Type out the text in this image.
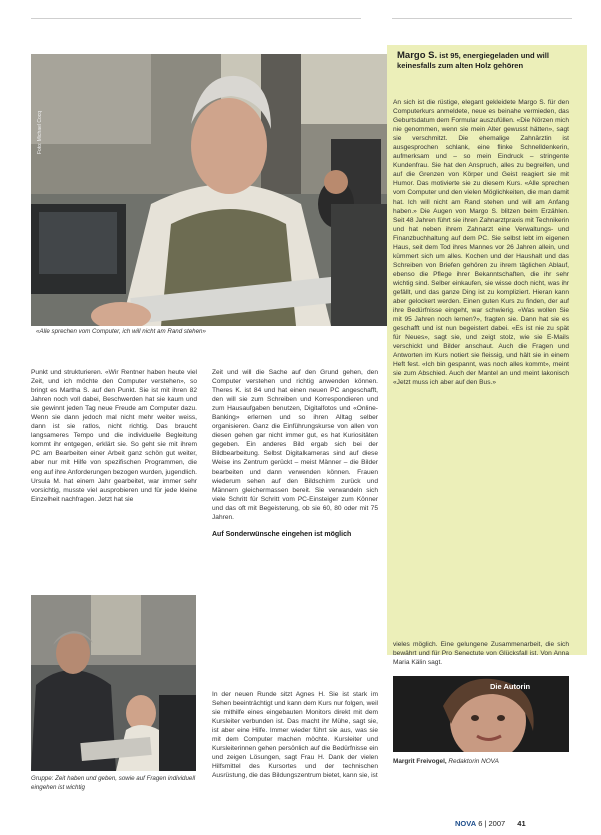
Foto: Michael Cocq
«Alle sprechen vom Computer, ich will nicht am Rand stehen»

Punkt und strukturieren. «Wir Rentner haben heute viel Zeit, und ich möchte den Computer verstehen», so bringt es Martha S. auf den Punkt. Sie ist mit ihren 82 Jahren noch voll dabei, Beschwerden hat sie kaum und sie gewinnt jeden Tag neue Freude am Computer dazu. Wenn sie dann jedoch mal nicht mehr weiter weiss, dann ist sie ratlos, nicht richtig. Das braucht langsameres Tempo und die individuelle Begleitung kommt ihr entgegen, erklärt sie. So geht sie mit ihrem PC am Bearbeiten einer Arbeit ganz schön gut weiter, aber nur mit Hilfe von spezifischen Programmen, die eng auf ihre Anforderungen bezogen wurden, jugendlich. Ursula M. hat einem Jahr gearbeitet, war immer sehr vorsichtig, musste viel ausprobieren und für jede kleine Einzelheit nachfragen. Jetzt hat sie

Zeit und will die Sache auf den Grund gehen, den Computer verstehen und richtig anwenden können. Theres K. ist 84 und hat einen neuen PC angeschafft, den will sie zum Schreiben und Korrespondieren und zum Hausaufgaben benutzen, Digitalfotos und «Online-Banking» erlernen und so ihren Alltag selber organisieren. Ganz die Einführungskurse von allen von diesen gehen gar nicht immer gut, es hat Kuriositäten gegeben. Ein anderes Bild ergab sich bei der Bildbearbeitung. Selbst Digitalkameras sind auf diese Weise ins Zentrum gerückt – meist Männer – die Bilder bearbeiten und dann verwenden können. Frauen wiederum sehen auf den Bildschirm zurück und Männern gleichermassen bereit. Sie verwandeln sich viele Schritt für Schritt vom PC-Einsteiger zum Könner und das oft mit Begeisterung, ob sie 60, 80 oder mit 75 Jahren.

Auf Sonderwünsche eingehen ist möglich

In der neuen Runde sitzt Agnes H. Sie ist stark im Sehen beeinträchtigt und kann dem Kurs nur folgen, weil sie mithilfe eines eingebauten Monitors direkt mit dem Kursleiter verbunden ist. Das macht ihr Mühe, sagt sie, ist aber eine Hilfe. Immer wieder führt sie aus, was sie mit dem Computer machen möchte. Kursleiter und Kursleiterinnen gehen persönlich auf die Bedürfnisse ein und zeigen Lösungen, sagt Frau H. Dank der vielen Hilfsmittel des Kursortes und der technischen Ausrüstung, die das Bildungszentrum bietet, kann sie, ist

Gruppe: Zeit haben und geben, sowie auf Fragen individuell eingehen ist wichtig
Margo S. ist 95, energiegeladen und will keinesfalls zum alten Holz gehören

An sich ist die rüstige, elegant gekleidete Margo S. für den Computerkurs anmeldete, neue es beinahe vermieden, das Geburtsdatum dem Formular auszufüllen. «Die Nörzen mich nie genommen, wenn sie mein Alter gewusst hätten», sagt sie verschmitzt. Die ehemalige Zahnärztin ist ausgesprochen schlank, eine flinke Schnelldenkerin, aufmerksam und – so mein Eindruck – stringente Kundenfrau. Sie hat den Anspruch, alles zu begreifen, und auf die Grenzen von Körper und Geist reagiert sie mit Humor. Das motivierte sie zu diesem Kurs. «Alle sprechen vom Computer und den vielen Möglichkeiten, die man damit hat. Ich will nicht am Rand stehen und will am Anfang haben.» Die Augen von Margo S. blitzen beim Erzählen. Seit 48 Jahren führt sie ihren Zahnarztpraxis mit Technikerin und hat neben ihrem Zahnarzt eine Verwaltungs- und Finanzbuchhaltung auf dem PC. Sie selbst lebt im eigenen Haus, seit dem Tod ihres Mannes vor 26 Jahren allein, und kümmert sich um alles. Kochen und der Haushalt und das Schreiben von Briefen gehören zu ihrem täglichen Ablauf, ebenso die Pflege ihrer Bekanntschaften, die ihr sehr wichtig sind. Selber einkaufen, sie wisse doch nicht, was ihr gefällt, und das ganze Ding ist zu kompliziert. Hieran kann aber gelockert werden. Einen guten Kurs zu finden, der auf ihre Bedürfnisse eingeht, war schwierig. «Was wollen Sie mit 95 Jahren noch lernen?», fragten sie. Dann hat sie es geschafft und ist nun begeistert dabei. «Es ist nie zu spät für Neues», sagt sie, und zeigt stolz, wie sie E-Mails verschickt und Bilder anschaut. Auch die Fragen und Antworten im Kurs notiert sie fleissig, und hält sie in einem Heft fest. «Ich bin gespannt, was noch alles kommt», meint sie zum Abschied. Auch der Mantel an und meint lakonisch «Jetzt muss ich aber auf den Bus.»

vieles möglich. Eine gelungene Zusammenarbeit, die sich bewährt und für Pro Senectute von Glücksfall ist. Von Anna Maria Kälin sagt.

Die Autorin
Margrit Freivogel, Redaktorin NOVA
NOVA 6 | 2007 41
